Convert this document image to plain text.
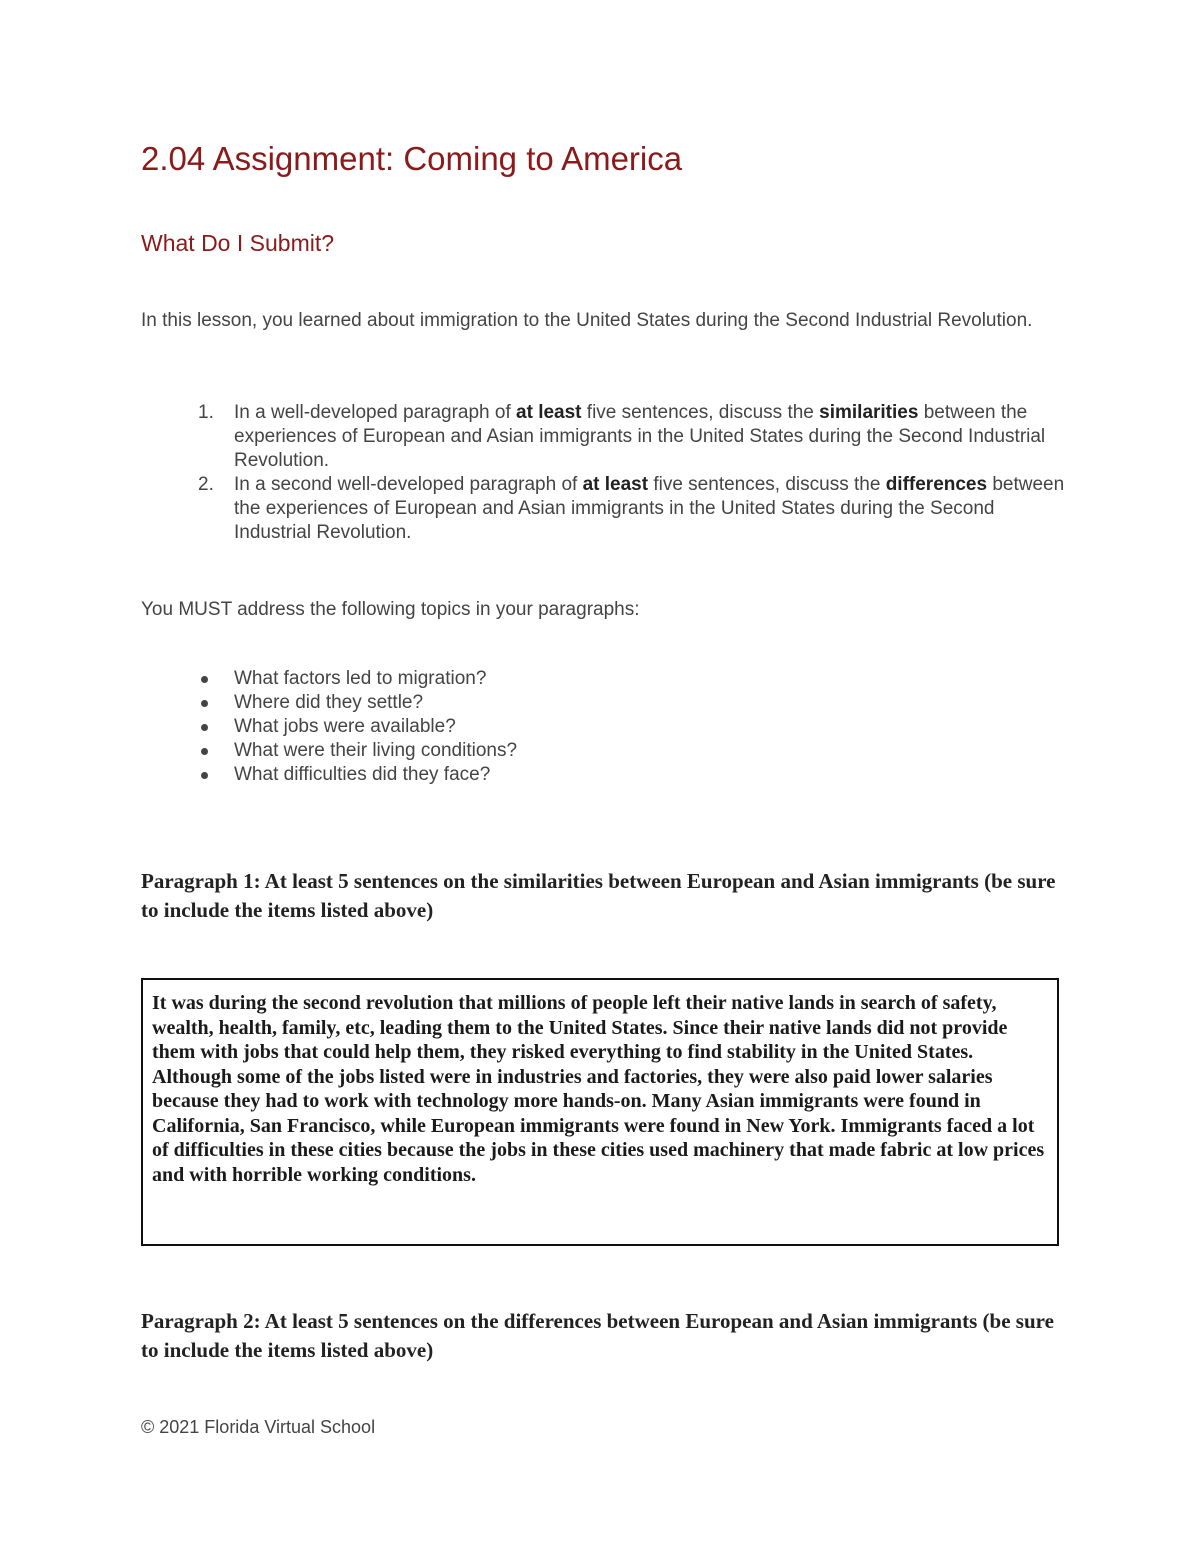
2.04 Assignment: Coming to America
What Do I Submit?

In this lesson, you learned about immigration to the United States during the Second Industrial Revolution.

1. In a well-developed paragraph of at least five sentences, discuss the similarities between the experiences of European and Asian immigrants in the United States during the Second Industrial Revolution.
2. In a second well-developed paragraph of at least five sentences, discuss the differences between the experiences of European and Asian immigrants in the United States during the Second Industrial Revolution.

You MUST address the following topics in your paragraphs:

What factors led to migration?
Where did they settle?
What jobs were available?
What were their living conditions?
What difficulties did they face?

Paragraph 1: At least 5 sentences on the similarities between European and Asian immigrants (be sure to include the items listed above)

It was during the second revolution that millions of people left their native lands in search of safety, wealth, health, family, etc, leading them to the United States. Since their native lands did not provide them with jobs that could help them, they risked everything to find stability in the United States. Although some of the jobs listed were in industries and factories, they were also paid lower salaries because they had to work with technology more hands-on. Many Asian immigrants were found in California, San Francisco, while European immigrants were found in New York. Immigrants faced a lot of difficulties in these cities because the jobs in these cities used machinery that made fabric at low prices and with horrible working conditions.

Paragraph 2: At least 5 sentences on the differences between European and Asian immigrants (be sure to include the items listed above)

© 2021 Florida Virtual School
